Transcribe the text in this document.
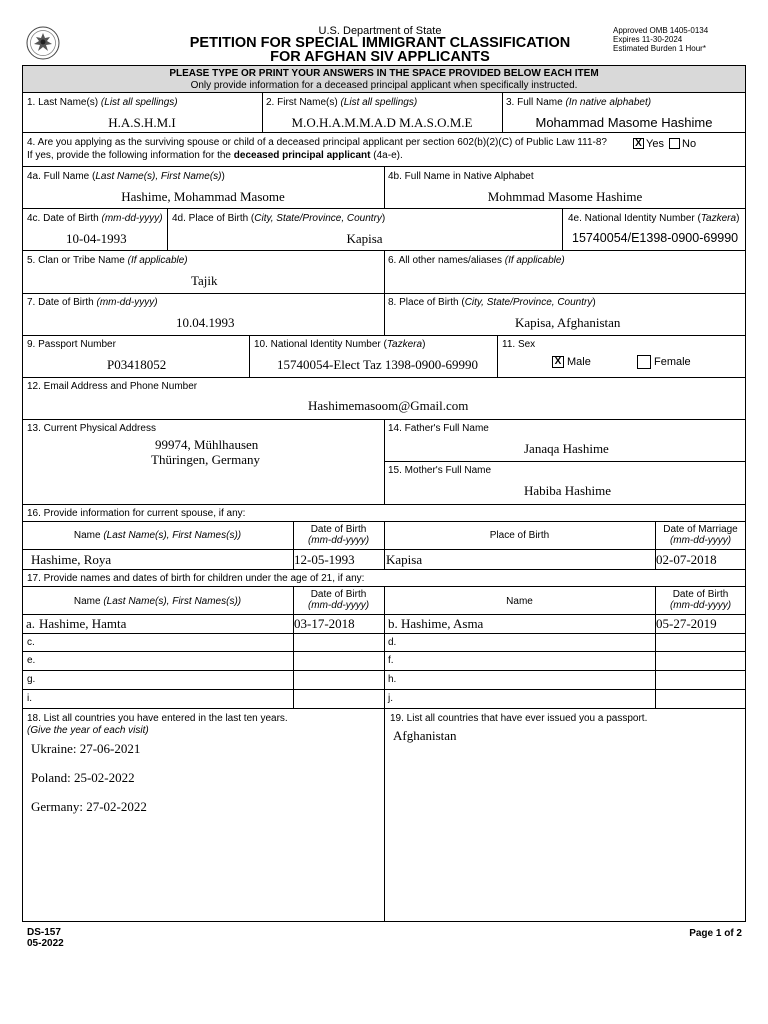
U.S. Department of State
PETITION FOR SPECIAL IMMIGRANT CLASSIFICATION
FOR AFGHAN SIV APPLICANTS
Approved OMB 1405-0134
Expires 11-30-2024
Estimated Burden 1 Hour*
PLEASE TYPE OR PRINT YOUR ANSWERS IN THE SPACE PROVIDED BELOW EACH ITEM
Only provide information for a deceased principal applicant when specifically instructed.
1. Last Name(s) (List all spellings)
H.A.S.H.M.I
2. First Name(s) (List all spellings)
M.O.H.A.M.M.A.D M.A.S.O.M.E
3. Full Name (In native alphabet)
Mohammad Masome Hashime
4. Are you applying as the surviving spouse or child of a deceased principal applicant per section 602(b)(2)(C) of Public Law 111-8?
If yes, provide the following information for the deceased principal applicant (4a-e).
X Yes No
4a. Full Name (Last Name(s), First Name(s))
Hashime, Mohammad Masome
4b. Full Name in Native Alphabet
Mohmmad Masome Hashime
4c. Date of Birth (mm-dd-yyyy)
10-04-1993
4d. Place of Birth (City, State/Province, Country)
Kapisa
4e. National Identity Number (Tazkera)
15740054/E1398-0900-69990
5. Clan or Tribe Name (If applicable)
Tajik
6. All other names/aliases (If applicable)
7. Date of Birth (mm-dd-yyyy)
10.04.1993
8. Place of Birth (City, State/Province, Country)
Kapisa, Afghanistan
9. Passport Number
P03418052
10. National Identity Number (Tazkera)
15740054-Elect Taz 1398-0900-69990
11. Sex
X Male	Female
12. Email Address and Phone Number
Hashimemasoom@Gmail.com
13. Current Physical Address
99974, Mühlhausen
Thüringen, Germany
14. Father's Full Name
Janaqa Hashime
15. Mother's Full Name
Habiba Hashime
16. Provide information for current spouse, if any:
Name (Last Name(s), First Names(s))
Date of Birth
(mm-dd-yyyy)	Place of Birth
Date of Marriage
(mm-dd-yyyy)
Hashime, Roya	12-05-1993 Kapisa	02-07-2018
17. Provide names and dates of birth for children under the age of 21, if any:
Name (Last Name(s), First Names(s))
Date of Birth
(mm-dd-yyyy)	Name
Date of Birth
(mm-dd-yyyy)
a. Hashime, Hamta	03-17-2018	b. Hashime, Asma	05-27-2019
c.	d.
e.	f.
g.	h.
i.	j.
18. List all countries you have entered in the last ten years.
(Give the year of each visit)
Ukraine: 27-06-2021
Poland: 25-02-2022
Germany: 27-02-2022
19. List all countries that have ever issued you a passport.
Afghanistan
DS-157
05-2022
Page 1 of 2
